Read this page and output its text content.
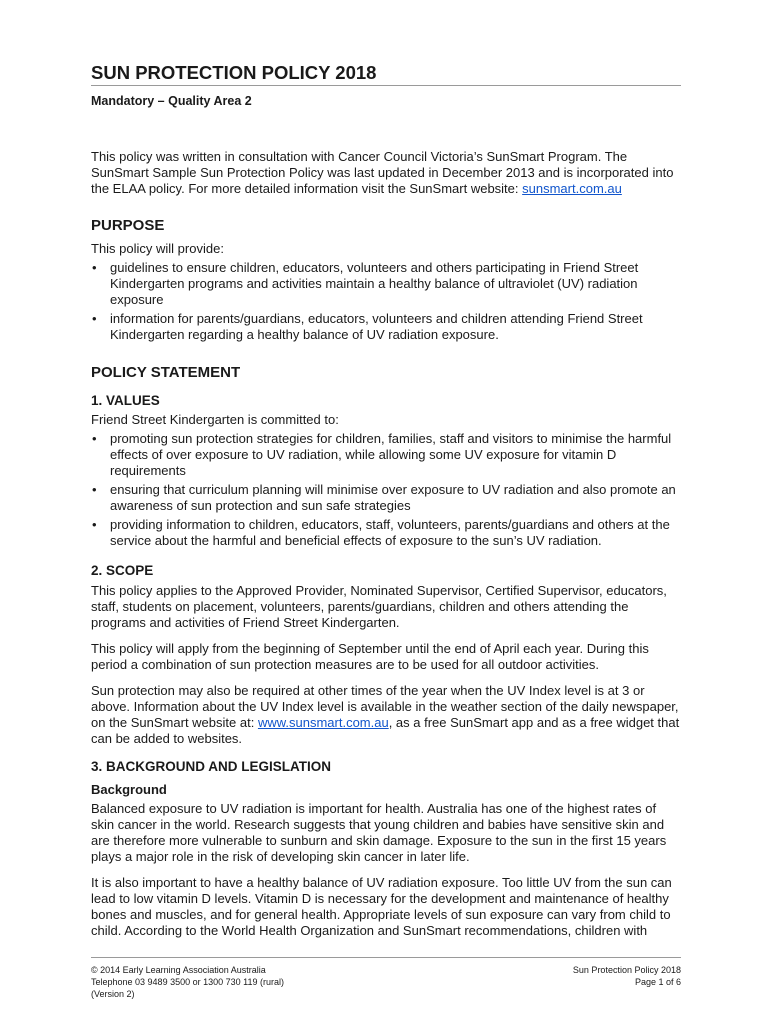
SUN PROTECTION POLICY 2018
Mandatory – Quality Area 2

This policy was written in consultation with Cancer Council Victoria’s SunSmart Program. The SunSmart Sample Sun Protection Policy was last updated in December 2013 and is incorporated into the ELAA policy. For more detailed information visit the SunSmart website: sunsmart.com.au

PURPOSE

This policy will provide:

• guidelines to ensure children, educators, volunteers and others participating in Friend Street Kindergarten programs and activities maintain a healthy balance of ultraviolet (UV) radiation exposure
• information for parents/guardians, educators, volunteers and children attending Friend Street Kindergarten regarding a healthy balance of UV radiation exposure.
POLICY STATEMENT
1. VALUES

Friend Street Kindergarten is committed to:

• promoting sun protection strategies for children, families, staff and visitors to minimise the harmful effects of over exposure to UV radiation, while allowing some UV exposure for vitamin D requirements
• ensuring that curriculum planning will minimise over exposure to UV radiation and also promote an awareness of sun protection and sun safe strategies
• providing information to children, educators, staff, volunteers, parents/guardians and others at the service about the harmful and beneficial effects of exposure to the sun’s UV radiation.
2. SCOPE

This policy applies to the Approved Provider, Nominated Supervisor, Certified Supervisor, educators, staff, students on placement, volunteers, parents/guardians, children and others attending the programs and activities of Friend Street Kindergarten.

This policy will apply from the beginning of September until the end of April each year. During this period a combination of sun protection measures are to be used for all outdoor activities.

Sun protection may also be required at other times of the year when the UV Index level is at 3 or above. Information about the UV Index level is available in the weather section of the daily newspaper, on the SunSmart website at: www.sunsmart.com.au, as a free SunSmart app and as a free widget that can be added to websites.

3. BACKGROUND AND LEGISLATION
Background

Balanced exposure to UV radiation is important for health. Australia has one of the highest rates of skin cancer in the world. Research suggests that young children and babies have sensitive skin and are therefore more vulnerable to sunburn and skin damage. Exposure to the sun in the first 15 years plays a major role in the risk of developing skin cancer in later life.

It is also important to have a healthy balance of UV radiation exposure. Too little UV from the sun can lead to low vitamin D levels. Vitamin D is necessary for the development and maintenance of healthy bones and muscles, and for general health. Appropriate levels of sun exposure can vary from child to child. According to the World Health Organization and SunSmart recommendations, children with

© 2014 Early Learning Association Australia
Telephone 03 9489 3500 or 1300 730 119 (rural)
(Version 2)
Sun Protection Policy 2018
Page 1 of 6
